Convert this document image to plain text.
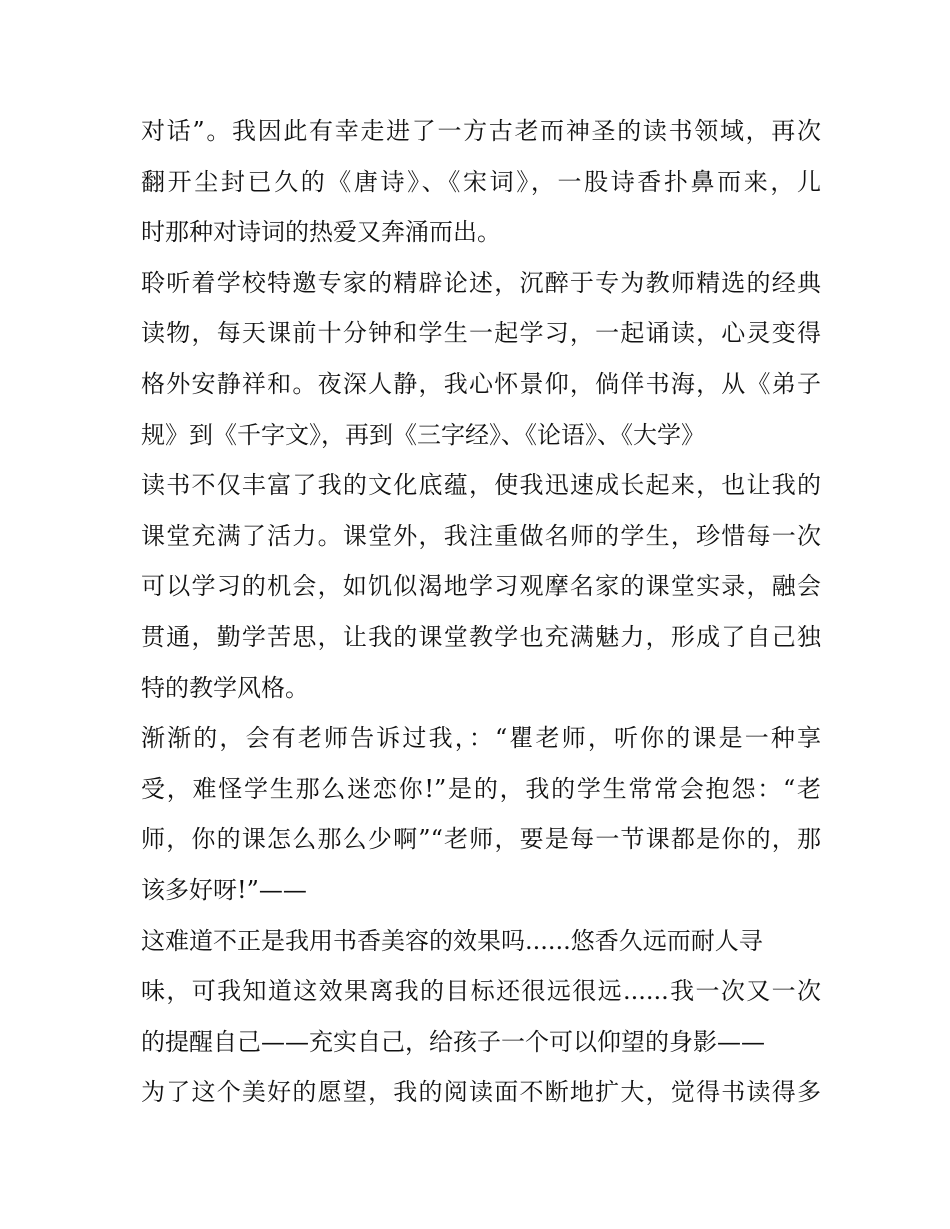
对话”。我因此有幸走进了一方古老而神圣的读书领域，再次
翻开尘封已久的《唐诗》、《宋词》，一股诗香扑鼻而来，儿
时那种对诗词的热爱又奔涌而出。
聆听着学校特邀专家的精辟论述，沉醉于专为教师精选的经典
读物，每天课前十分钟和学生一起学习，一起诵读，心灵变得
格外安静祥和。夜深人静，我心怀景仰，倘佯书海，从《弟子
规》到《千字文》，再到《三字经》、《论语》、《大学》
读书不仅丰富了我的文化底蕴，使我迅速成长起来，也让我的
课堂充满了活力。课堂外，我注重做名师的学生，珍惜每一次
可以学习的机会，如饥似渴地学习观摩名家的课堂实录，融会
贯通，勤学苦思，让我的课堂教学也充满魅力，形成了自己独
特的教学风格。
渐渐的，会有老师告诉过我，：“瞿老师，听你的课是一种享
受，难怪学生那么迷恋你!”是的，我的学生常常会抱怨：“老
师，你的课怎么那么少啊”“老师，要是每一节课都是你的，那
该多好呀!”——
这难道不正是我用书香美容的效果吗......悠香久远而耐人寻
味，可我知道这效果离我的目标还很远很远......我一次又一次
的提醒自己——充实自己，给孩子一个可以仰望的身影——
为了这个美好的愿望，我的阅读面不断地扩大，觉得书读得多
